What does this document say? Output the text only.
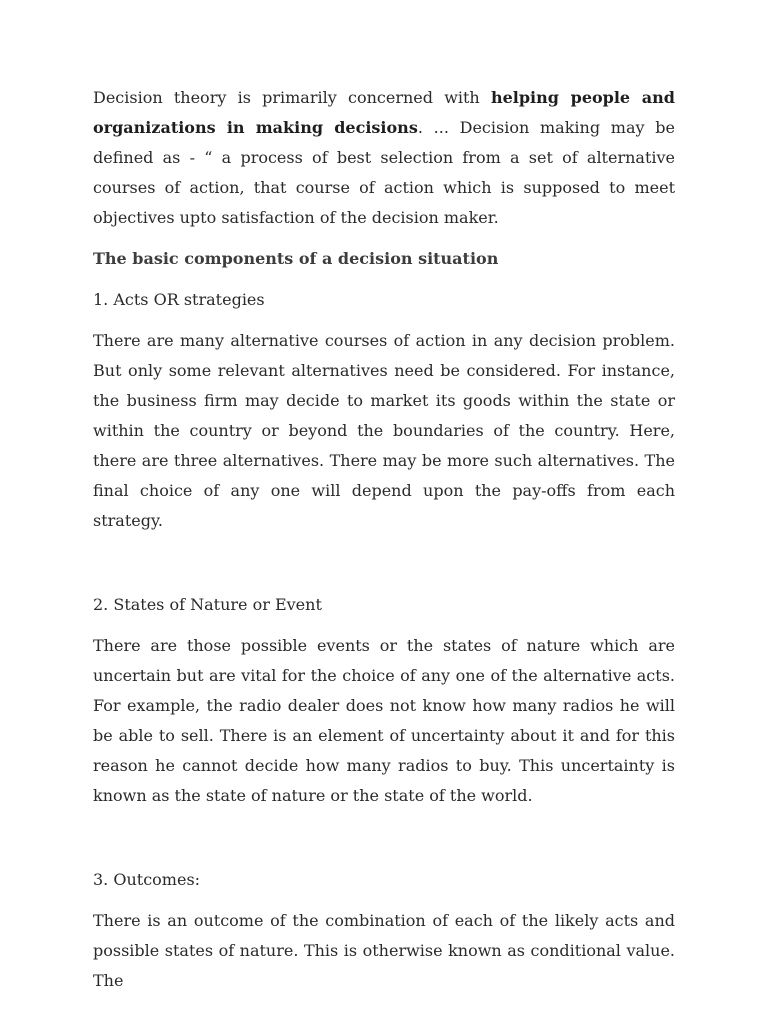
Decision theory is primarily concerned with helping people and organizations in making decisions. ... Decision making may be defined as - “ a process of best selection from a set of alternative courses of action, that course of action which is supposed to meet objectives upto satisfaction of the decision maker.

The basic components of a decision situation

1. Acts OR strategies

There are many alternative courses of action in any decision problem. But only some relevant alternatives need be considered. For instance, the business firm may decide to market its goods within the state or within the country or beyond the boundaries of the country. Here, there are three alternatives. There may be more such alternatives. The final choice of any one will depend upon the pay-offs from each strategy.

2. States of Nature or Event

There are those possible events or the states of nature which are uncertain but are vital for the choice of any one of the alternative acts. For example, the radio dealer does not know how many radios he will be able to sell. There is an element of uncertainty about it and for this reason he cannot decide how many radios to buy. This uncertainty is known as the state of nature or the state of the world.

3. Outcomes:

There is an outcome of the combination of each of the likely acts and possible states of nature. This is otherwise known as conditional value. The
